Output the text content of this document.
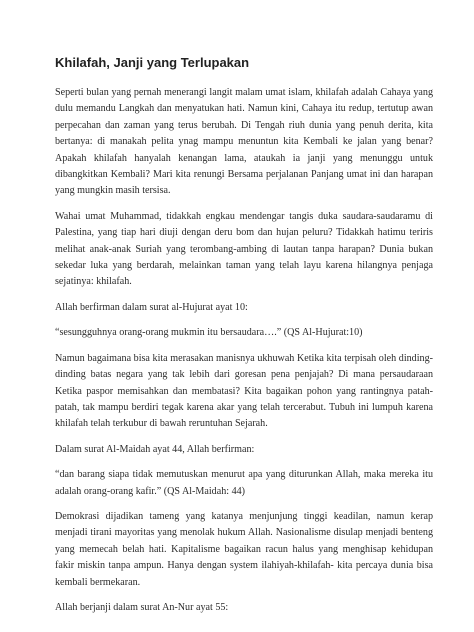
Khilafah, Janji yang Terlupakan

Seperti bulan yang pernah menerangi langit malam umat islam, khilafah adalah Cahaya yang dulu memandu Langkah dan menyatukan hati. Namun kini, Cahaya itu redup, tertutup awan perpecahan dan zaman yang terus berubah. Di Tengah riuh dunia yang penuh derita, kita bertanya: di manakah pelita ynag mampu menuntun kita Kembali ke jalan yang benar? Apakah khilafah hanyalah kenangan lama, ataukah ia janji yang menunggu untuk dibangkitkan Kembali? Mari kita renungi Bersama perjalanan Panjang umat ini dan harapan yang mungkin masih tersisa.

Wahai umat Muhammad, tidakkah engkau mendengar tangis duka saudara-saudaramu di Palestina, yang tiap hari diuji dengan deru bom dan hujan peluru? Tidakkah hatimu teriris melihat anak-anak Suriah yang terombang-ambing di lautan tanpa harapan? Dunia bukan sekedar luka yang berdarah, melainkan taman yang telah layu karena hilangnya penjaga sejatinya: khilafah.

Allah berfirman dalam surat al-Hujurat ayat 10:

“sesungguhnya orang-orang mukmin itu bersaudara….” (QS Al-Hujurat:10)

Namun bagaimana bisa kita merasakan manisnya ukhuwah Ketika kita terpisah oleh dinding-dinding batas negara yang tak lebih dari goresan pena penjajah? Di mana persaudaraan Ketika paspor memisahkan dan membatasi? Kita bagaikan pohon yang rantingnya patah-patah, tak mampu berdiri tegak karena akar yang telah tercerabut. Tubuh ini lumpuh karena khilafah telah terkubur di bawah reruntuhan Sejarah.

Dalam surat Al-Maidah ayat 44, Allah berfirman:

“dan barang siapa tidak memutuskan menurut apa yang diturunkan Allah, maka mereka itu adalah orang-orang kafir.” (QS Al-Maidah: 44)

Demokrasi dijadikan tameng yang katanya menjunjung tinggi keadilan, namun kerap menjadi tirani mayoritas yang menolak hukum Allah. Nasionalisme disulap menjadi benteng yang memecah belah hati. Kapitalisme bagaikan racun halus yang menghisap kehidupan fakir miskin tanpa ampun. Hanya dengan system ilahiyah-khilafah- kita percaya dunia bisa kembali bermekaran.

Allah berjanji dalam surat An-Nur ayat 55:
